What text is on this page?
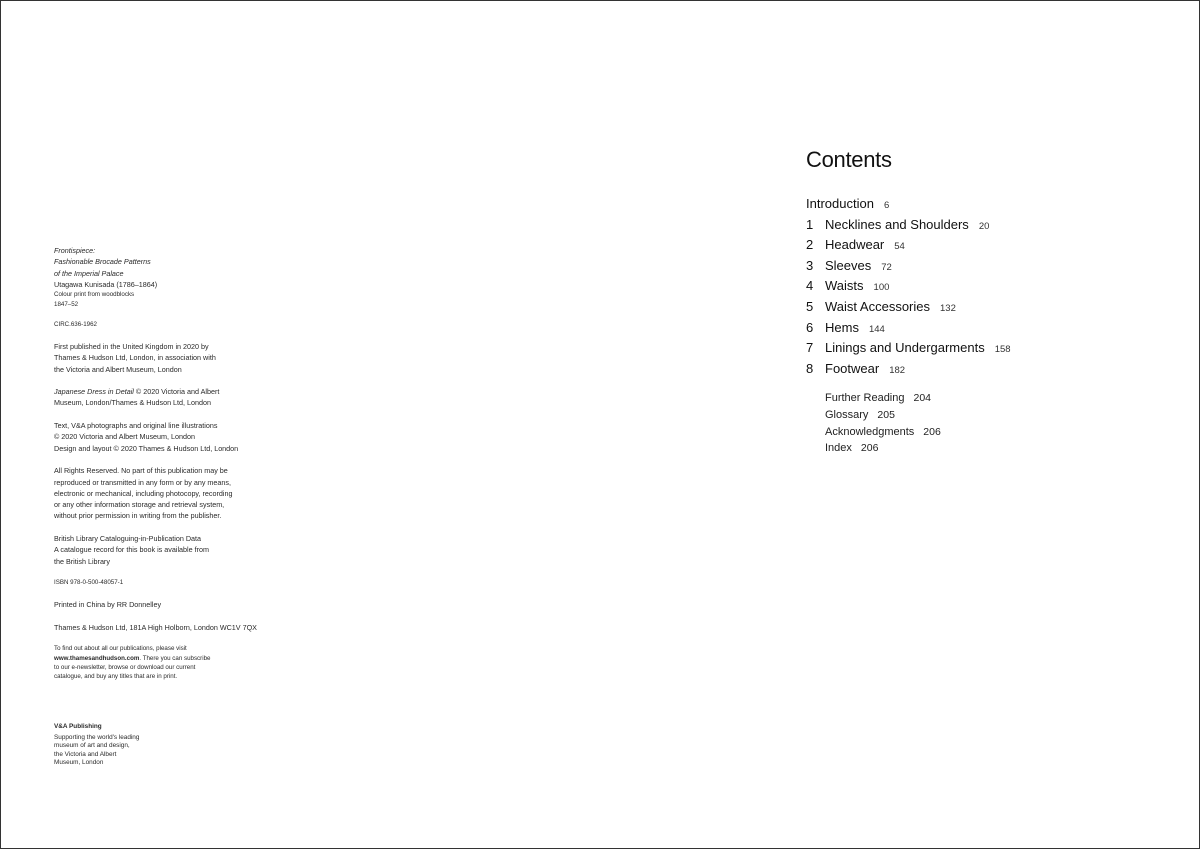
Frontispiece:
Fashionable Brocade Patterns
of the Imperial Palace
Utagawa Kunisada (1786–1864)
Colour print from woodblocks
1847–52

CIRC.636-1962

First published in the United Kingdom in 2020 by
Thames & Hudson Ltd, London, in association with
the Victoria and Albert Museum, London

Japanese Dress in Detail © 2020 Victoria and Albert
Museum, London/Thames & Hudson Ltd, London

Text, V&A photographs and original line illustrations
© 2020 Victoria and Albert Museum, London
Design and layout © 2020 Thames & Hudson Ltd, London

All Rights Reserved. No part of this publication may be
reproduced or transmitted in any form or by any means,
electronic or mechanical, including photocopy, recording
or any other information storage and retrieval system,
without prior permission in writing from the publisher.

British Library Cataloguing-in-Publication Data
A catalogue record for this book is available from
the British Library

ISBN 978-0-500-48057-1

Printed in China by RR Donnelley

Thames & Hudson Ltd, 181A High Holborn, London WC1V 7QX

To find out about all our publications, please visit
www.thamesandhudson.com. There you can subscribe
to our e-newsletter, browse or download our current
catalogue, and buy any titles that are in print.

V&A Publishing
Supporting the world's leading
museum of art and design,
the Victoria and Albert
Museum, London
Contents
Introduction 6
1 Necklines and Shoulders 20
2 Headwear 54
3 Sleeves 72
4 Waists 100
5 Waist Accessories 132
6 Hems 144
7 Linings and Undergarments 158
8 Footwear 182
Further Reading 204
Glossary 205
Acknowledgments 206
Index 206
